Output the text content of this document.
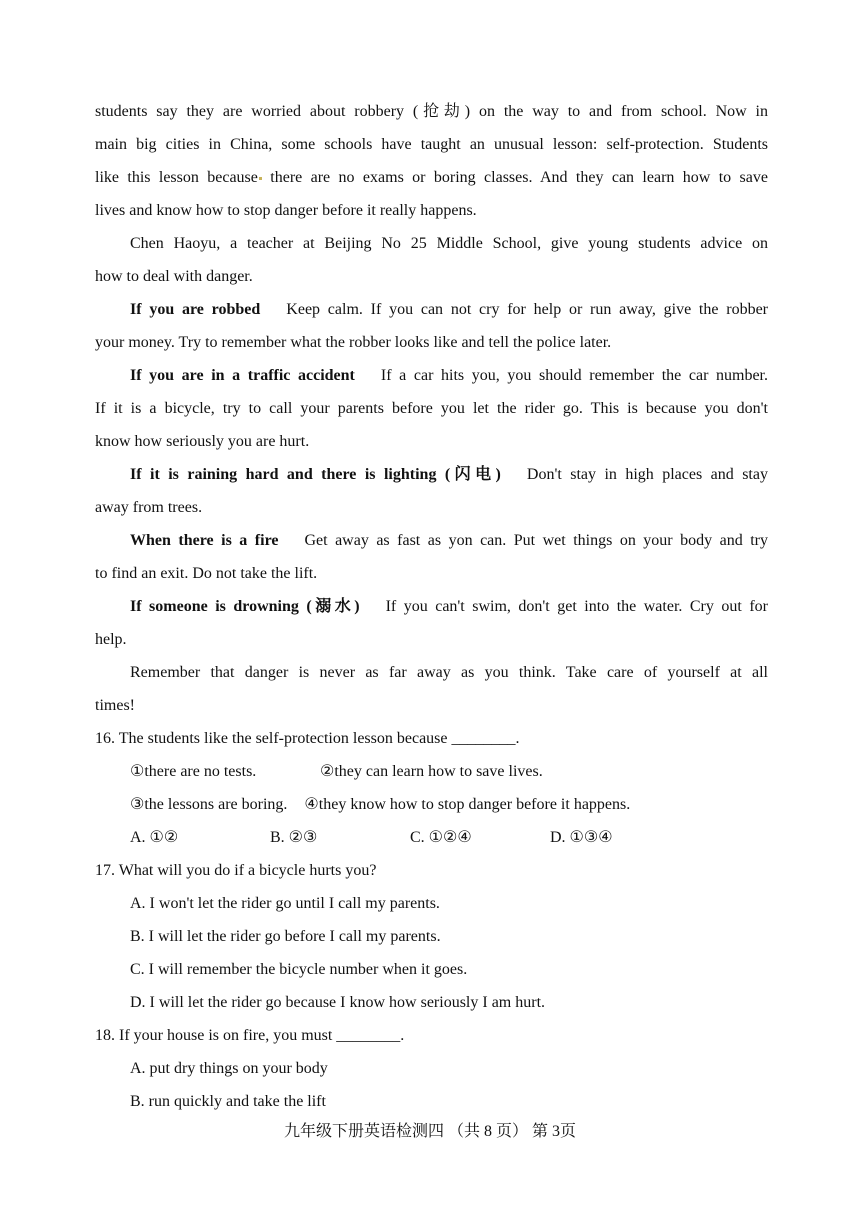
students say they are worried about robbery (抢劫) on the way to and from school. Now in
main big cities in China, some schools have taught an unusual lesson: self-protection. Students
like this lesson because there are no exams or boring classes. And they can learn how to save
lives and know how to stop danger before it really happens.
Chen Haoyu, a teacher at Beijing No 25 Middle School, give young students advice on
how to deal with danger.
If you are robbed Keep calm. If you can not cry for help or run away, give the robber
your money. Try to remember what the robber looks like and tell the police later.
If you are in a traffic accident If a car hits you, you should remember the car number.
If it is a bicycle, try to call your parents before you let the rider go. This is because you don't
know how seriously you are hurt.
If it is raining hard and there is lighting (闪电) Don't stay in high places and stay
away from trees.
When there is a fire Get away as fast as yon can. Put wet things on your body and try
to find an exit. Do not take the lift.
If someone is drowning (溺水) If you can't swim, don't get into the water. Cry out for
help.
Remember that danger is never as far away as you think. Take care of yourself at all
times!
16. The students like the self-protection lesson because ________.
①there are no tests.	②they can learn how to save lives.
③the lessons are boring. ④they know how to stop danger before it happens.
A. ①②	B. ②③	C. ①②④	D. ①③④
17. What will you do if a bicycle hurts you?
A. I won't let the rider go until I call my parents.
B. I will let the rider go before I call my parents.
C. I will remember the bicycle number when it goes.
D. I will let the rider go because I know how seriously I am hurt.
18. If your house is on fire, you must ________.
A. put dry things on your body
B. run quickly and take the lift
九年级下册英语检测四 （共 8 页） 第 3页
